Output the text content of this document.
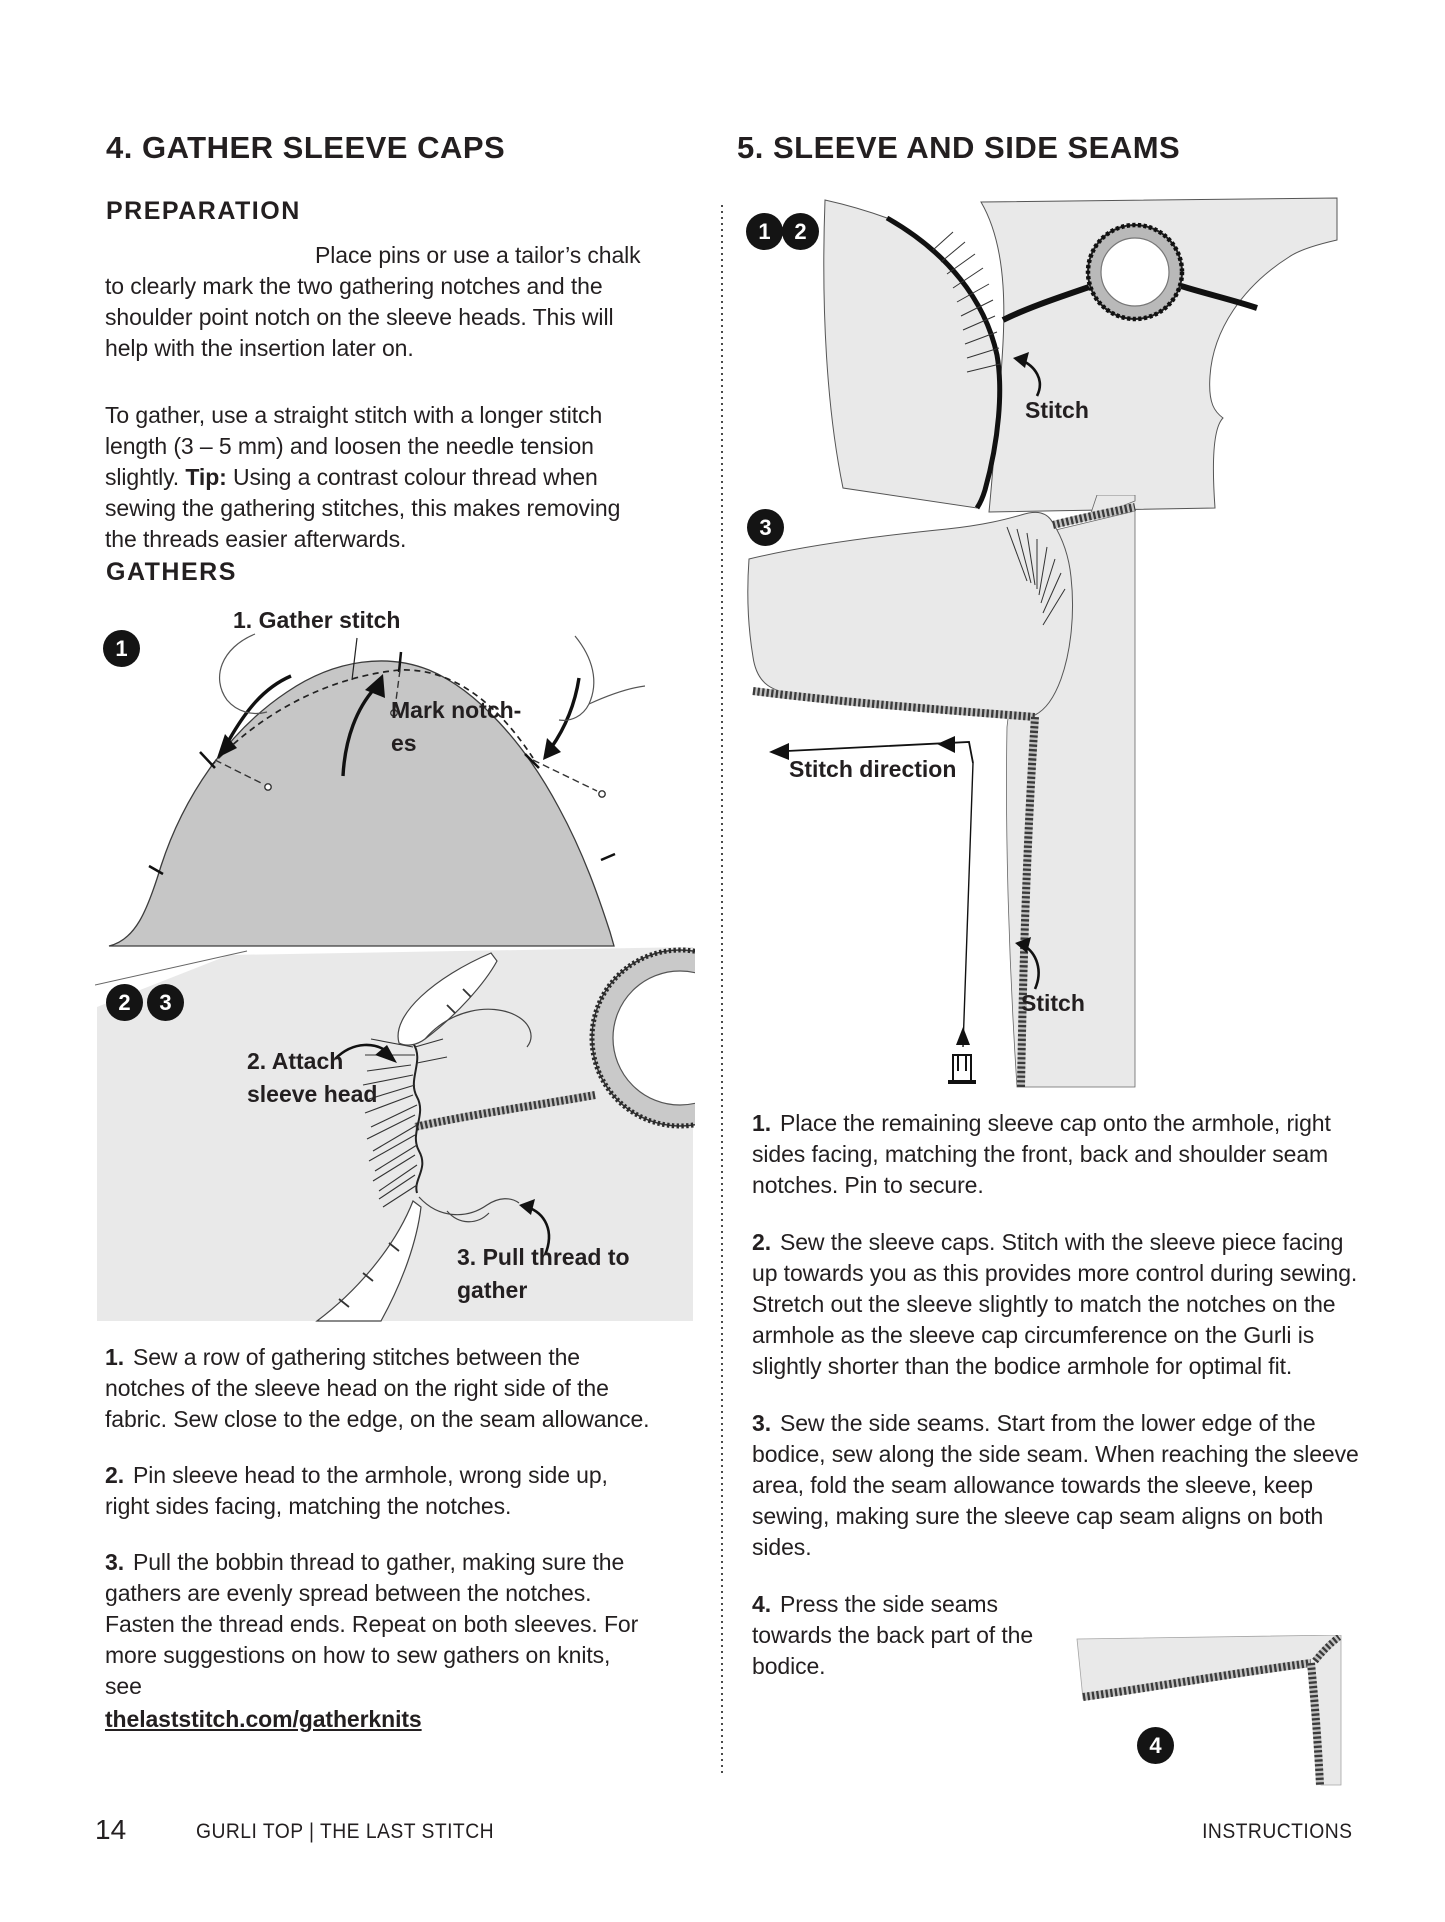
4. GATHER SLEEVE CAPS
PREPARATION

Place pins or use a tailor’s chalk to clearly mark the two gathering notches and the shoulder point notch on the sleeve heads. This will help with the insertion later on.

To gather, use a straight stitch with a longer stitch length (3 – 5 mm) and loosen the needle tension slightly. Tip: Using a contrast colour thread when sewing the gathering stitches, this makes removing the threads easier afterwards.

GATHERS
1
1. Gather stitch
Mark notch-
es
2	3
2. Attach
sleeve head
3. Pull thread to
gather

1. Sew a row of gathering stitches between the notches of the sleeve head on the right side of the fabric. Sew close to the edge, on the seam allowance.

2. Pin sleeve head to the armhole, wrong side up, right sides facing, matching the notches.

3. Pull the bobbin thread to gather, making sure the gathers are evenly spread between the notches. Fasten the thread ends. Repeat on both sleeves. For more suggestions on how to sew gathers on knits, see
thelaststitch.com/gatherknits

5. SLEEVE AND SIDE SEAMS
1	2
Stitch
3
Stitch direction
Stitch

1. Place the remaining sleeve cap onto the armhole, right sides facing, matching the front, back and shoulder seam notches. Pin to secure.

2. Sew the sleeve caps. Stitch with the sleeve piece facing up towards you as this provides more control during sewing. Stretch out the sleeve slightly to match the notches on the armhole as the sleeve cap circumference on the Gurli is slightly shorter than the bodice armhole for optimal fit.

3. Sew the side seams. Start from the lower edge of the bodice, sew along the side seam. When reaching the sleeve area, fold the seam allowance towards the sleeve, keep sewing, making sure the sleeve cap seam aligns on both sides.

4. Press the side seams towards the back part of the bodice.

4
14	GURLI TOP | THE LAST STITCH	INSTRUCTIONS
